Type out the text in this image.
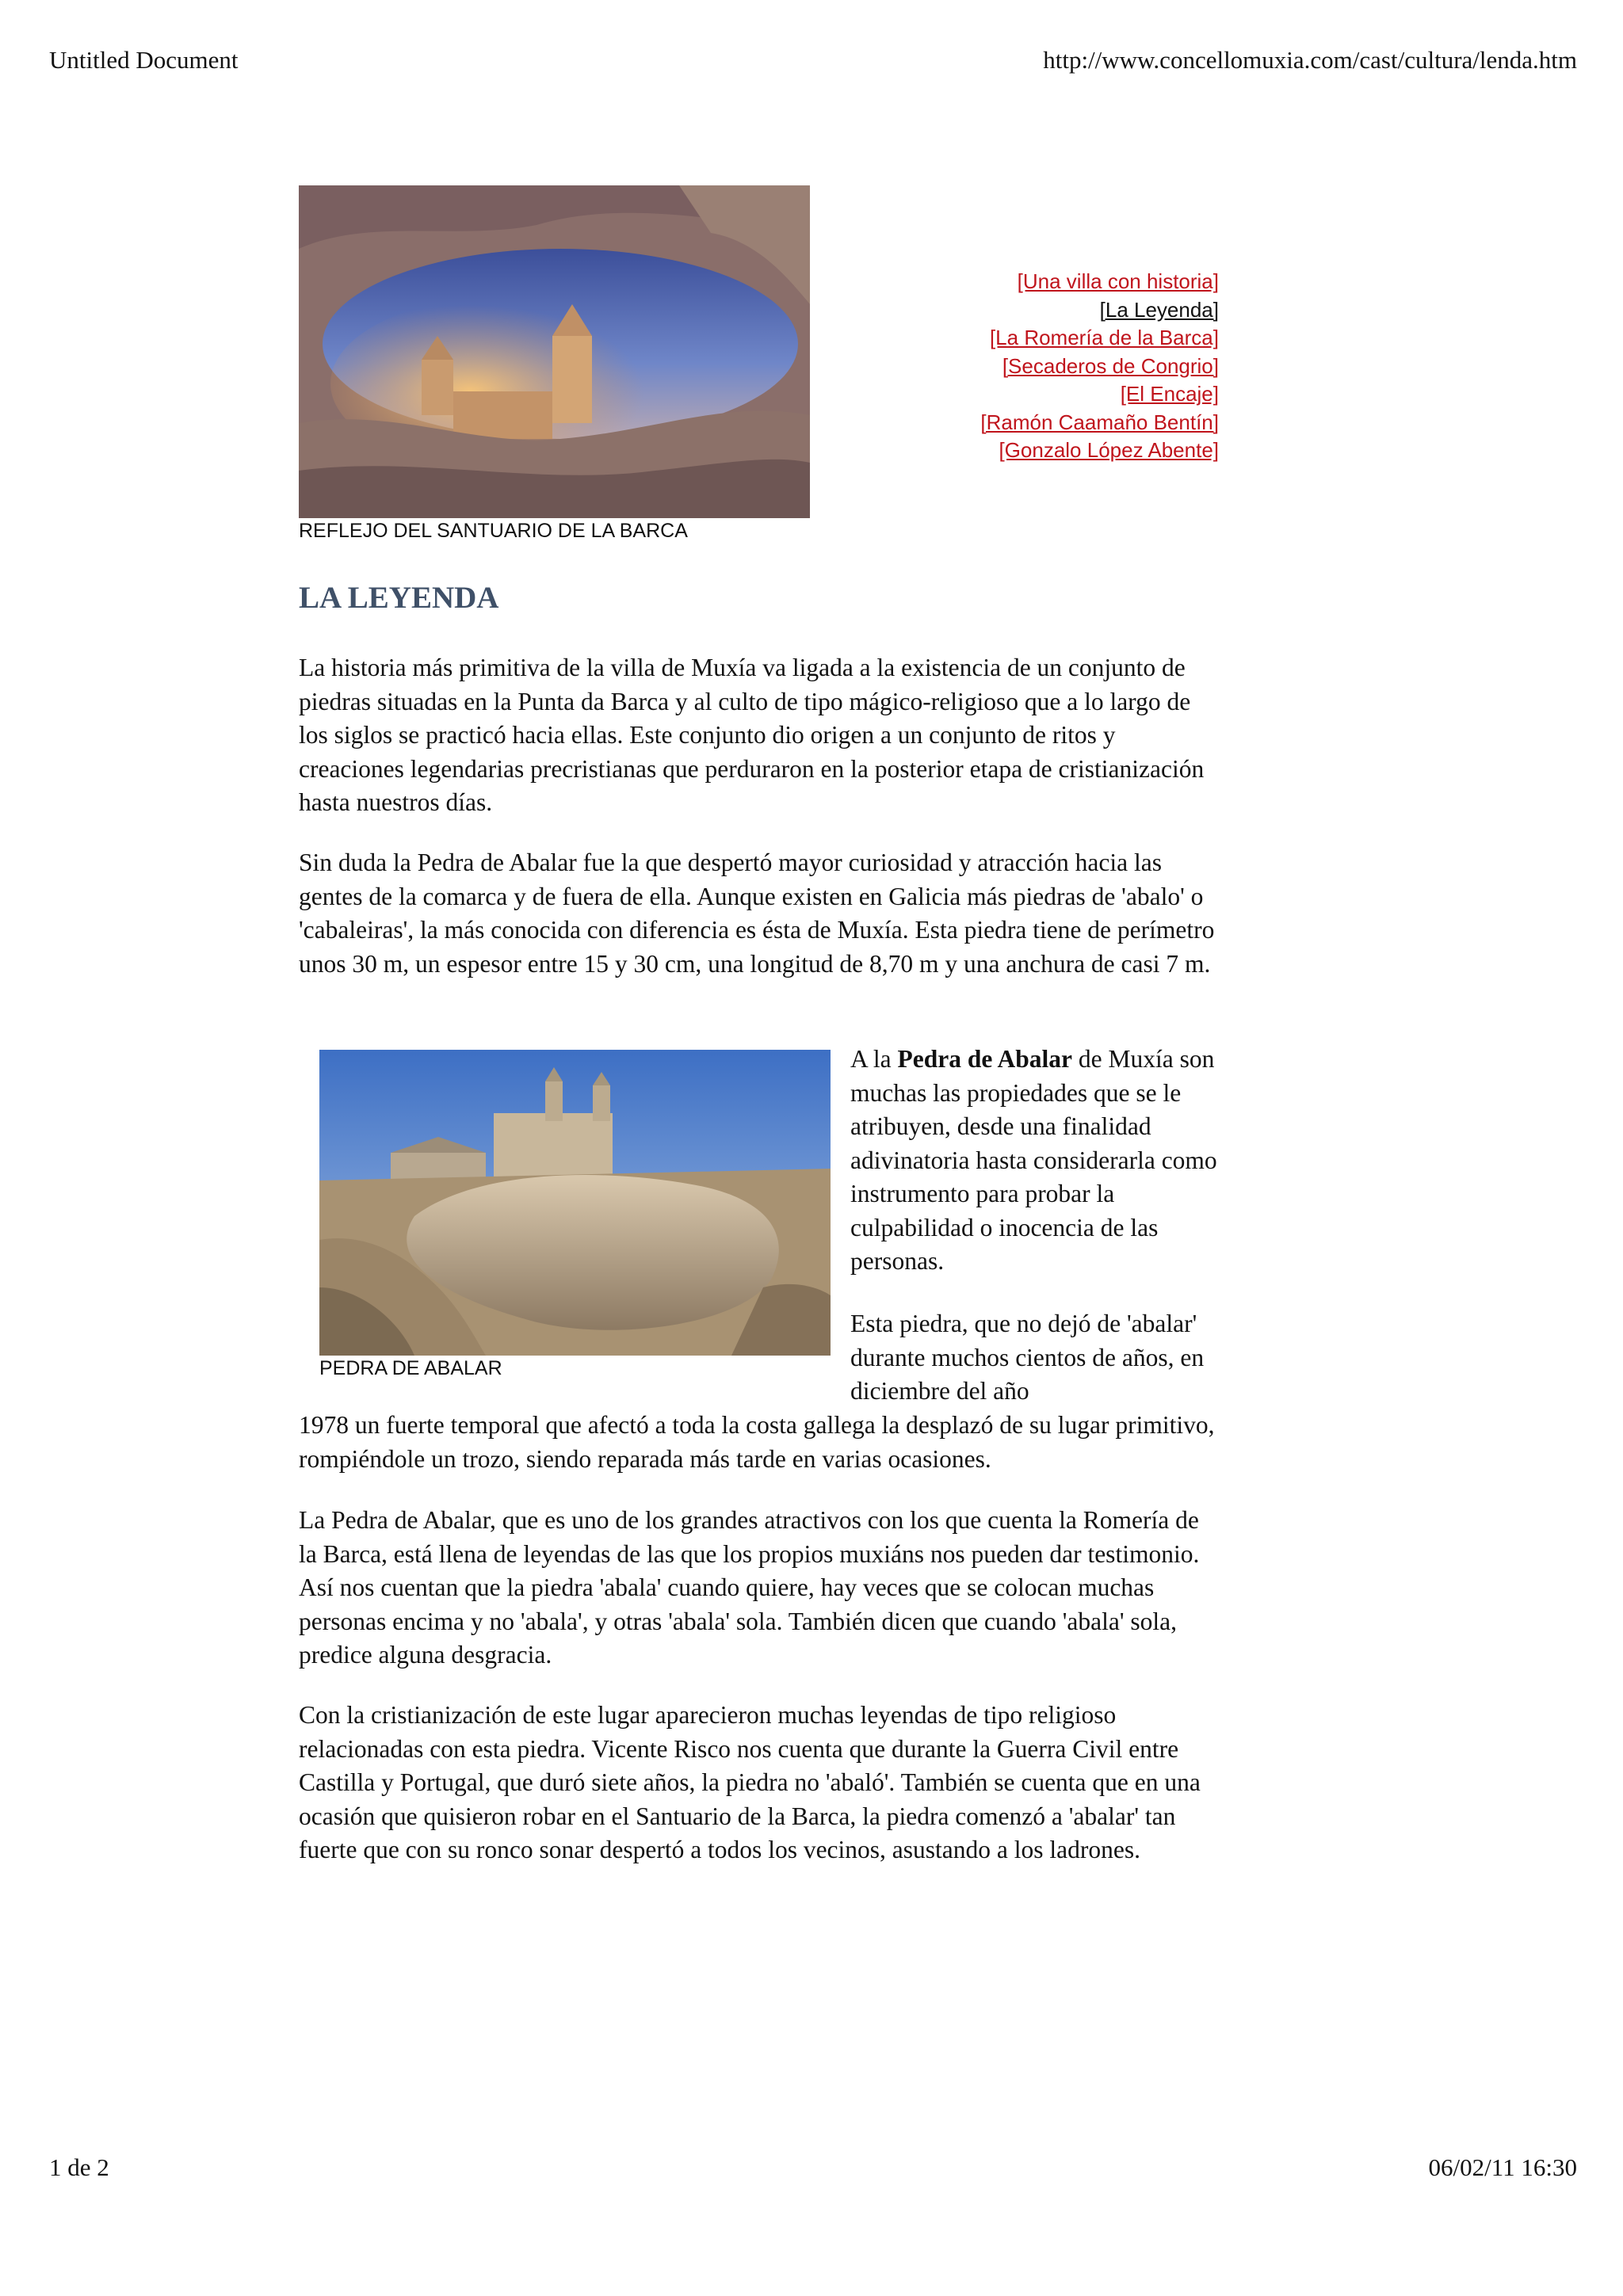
Untitled Document	http://www.concellomuxia.com/cast/cultura/lenda.htm
REFLEJO DEL SANTUARIO DE LA BARCA
[Una villa con historia]
[La Leyenda]
[La Romería de la Barca]
[Secaderos de Congrio]
[El Encaje]
[Ramón Caamaño Bentín]
[Gonzalo López Abente]
LA LEYENDA

La historia más primitiva de la villa de Muxía va ligada a la existencia de un conjunto de piedras situadas en la Punta da Barca y al culto de tipo mágico-religioso que a lo largo de los siglos se practicó hacia ellas. Este conjunto dio origen a un conjunto de ritos y creaciones legendarias precristianas que perduraron en la posterior etapa de cristianización hasta nuestros días.

Sin duda la Pedra de Abalar fue la que despertó mayor curiosidad y atracción hacia las gentes de la comarca y de fuera de ella. Aunque existen en Galicia más piedras de 'abalo' o 'cabaleiras', la más conocida con diferencia es ésta de Muxía. Esta piedra tiene de perímetro unos 30 m, un espesor entre 15 y 30 cm, una longitud de 8,70 m y una anchura de casi 7 m.

PEDRA DE ABALAR

A la Pedra de Abalar de Muxía son muchas las propiedades que se le atribuyen, desde una finalidad adivinatoria hasta considerarla como instrumento para probar la culpabilidad o inocencia de las personas.

Esta piedra, que no dejó de 'abalar' durante muchos cientos de años, en diciembre del año

1978 un fuerte temporal que afectó a toda la costa gallega la desplazó de su lugar primitivo, rompiéndole un trozo, siendo reparada más tarde en varias ocasiones.

La Pedra de Abalar, que es uno de los grandes atractivos con los que cuenta la Romería de la Barca, está llena de leyendas de las que los propios muxiáns nos pueden dar testimonio. Así nos cuentan que la piedra 'abala' cuando quiere, hay veces que se colocan muchas personas encima y no 'abala', y otras 'abala' sola. También dicen que cuando 'abala' sola, predice alguna desgracia.

Con la cristianización de este lugar aparecieron muchas leyendas de tipo religioso relacionadas con esta piedra. Vicente Risco nos cuenta que durante la Guerra Civil entre Castilla y Portugal, que duró siete años, la piedra no 'abaló'. También se cuenta que en una ocasión que quisieron robar en el Santuario de la Barca, la piedra comenzó a 'abalar' tan fuerte que con su ronco sonar despertó a todos los vecinos, asustando a los ladrones.

1 de 2	06/02/11 16:30
